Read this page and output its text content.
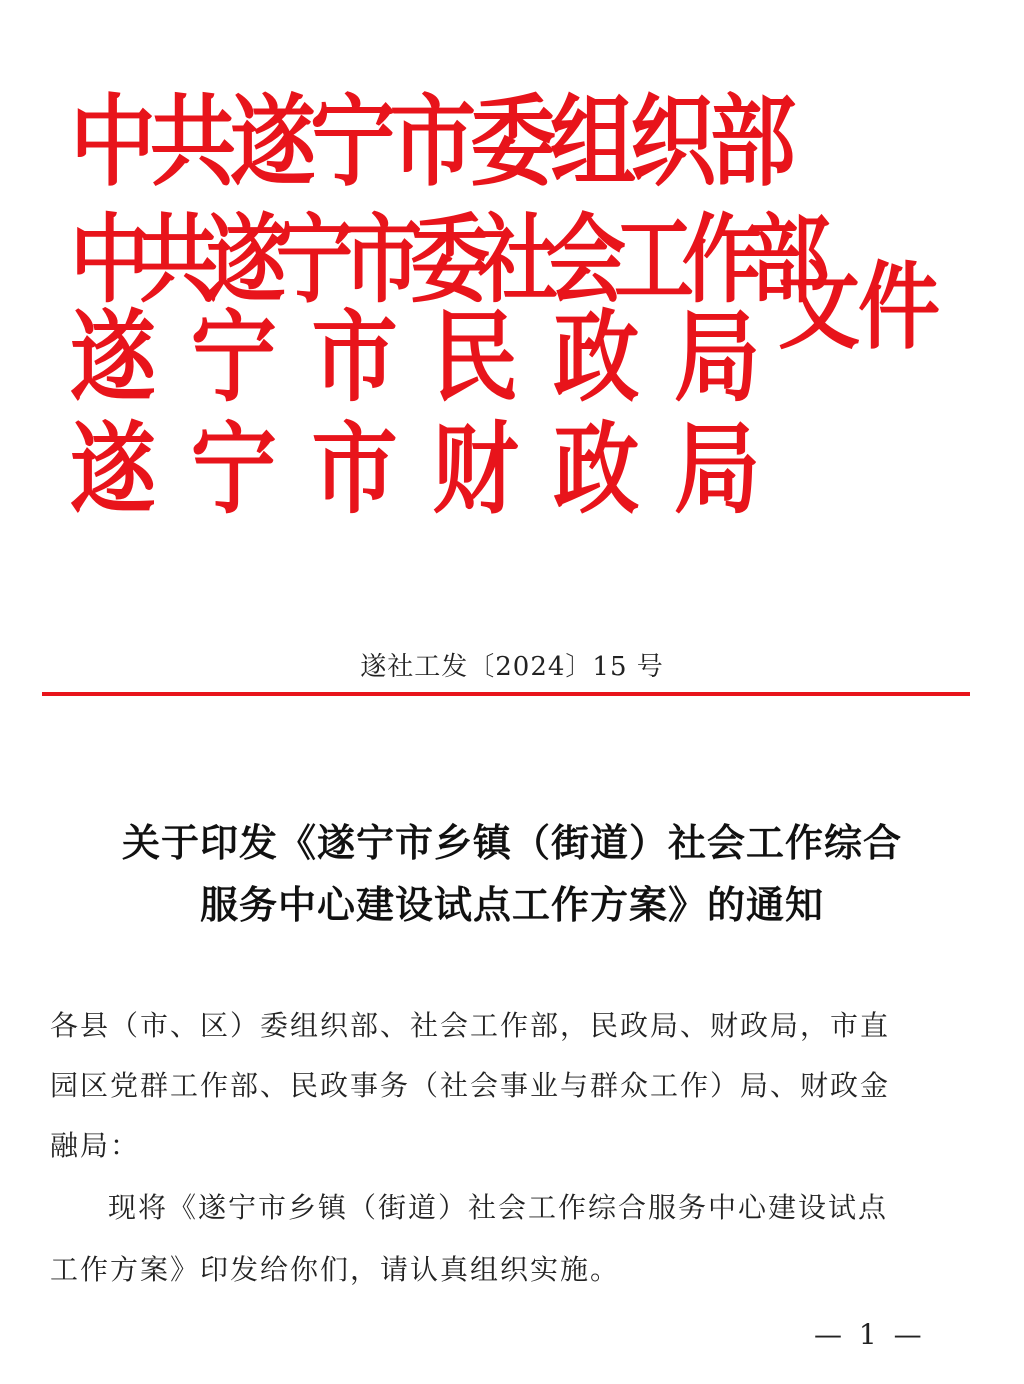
中共遂宁市委组织部
中共遂宁市委社会工作部
遂 宁 市 民 政 局
遂 宁 市 财 政 局
文件
遂社工发〔2024〕15 号
关于印发《遂宁市乡镇（街道）社会工作综合
服务中心建设试点工作方案》的通知
各县（市、区）委组织部、社会工作部，民政局、财政局，市直
园区党群工作部、民政事务（社会事业与群众工作）局、财政金
融局：
现将《遂宁市乡镇（街道）社会工作综合服务中心建设试点
工作方案》印发给你们，请认真组织实施。
— 1 —
